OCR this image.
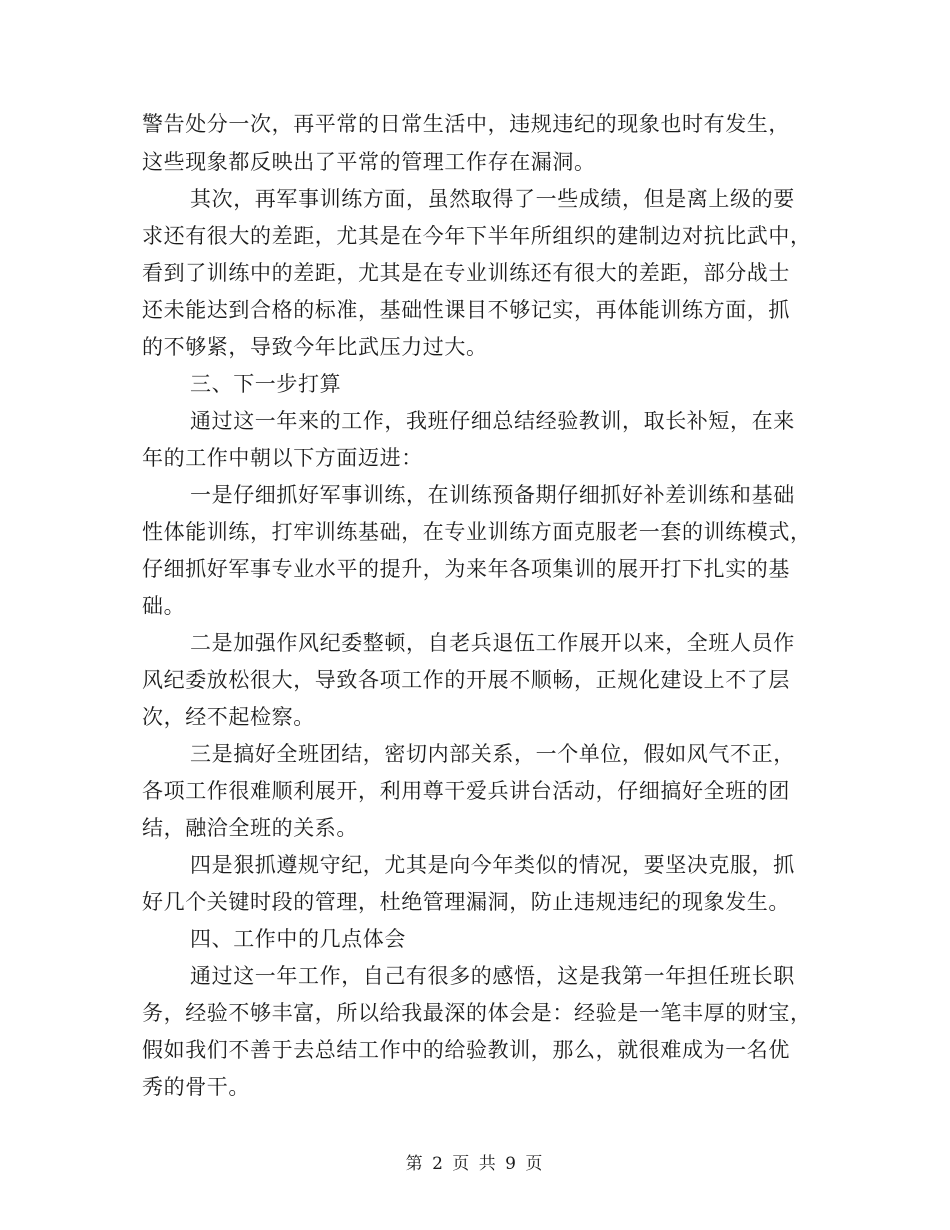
警告处分一次，再平常的日常生活中，违规违纪的现象也时有发生，
这些现象都反映出了平常的管理工作存在漏洞。
其次，再军事训练方面，虽然取得了一些成绩，但是离上级的要
求还有很大的差距，尤其是在今年下半年所组织的建制边对抗比武中，
看到了训练中的差距，尤其是在专业训练还有很大的差距，部分战士
还未能达到合格的标准，基础性课目不够记实，再体能训练方面，抓
的不够紧，导致今年比武压力过大。
三、下一步打算
通过这一年来的工作，我班仔细总结经验教训，取长补短，在来
年的工作中朝以下方面迈进：
一是仔细抓好军事训练，在训练预备期仔细抓好补差训练和基础
性体能训练，打牢训练基础，在专业训练方面克服老一套的训练模式，
仔细抓好军事专业水平的提升，为来年各项集训的展开打下扎实的基
础。
二是加强作风纪委整顿，自老兵退伍工作展开以来，全班人员作
风纪委放松很大，导致各项工作的开展不顺畅，正规化建设上不了层
次，经不起检察。
三是搞好全班团结，密切内部关系，一个单位，假如风气不正，
各项工作很难顺利展开，利用尊干爱兵讲台活动，仔细搞好全班的团
结，融洽全班的关系。
四是狠抓遵规守纪，尤其是向今年类似的情况，要坚决克服，抓
好几个关键时段的管理，杜绝管理漏洞，防止违规违纪的现象发生。
四、工作中的几点体会
通过这一年工作，自己有很多的感悟，这是我第一年担任班长职
务，经验不够丰富，所以给我最深的体会是：经验是一笔丰厚的财宝，
假如我们不善于去总结工作中的给验教训，那么，就很难成为一名优
秀的骨干。
第 2 页 共 9 页
